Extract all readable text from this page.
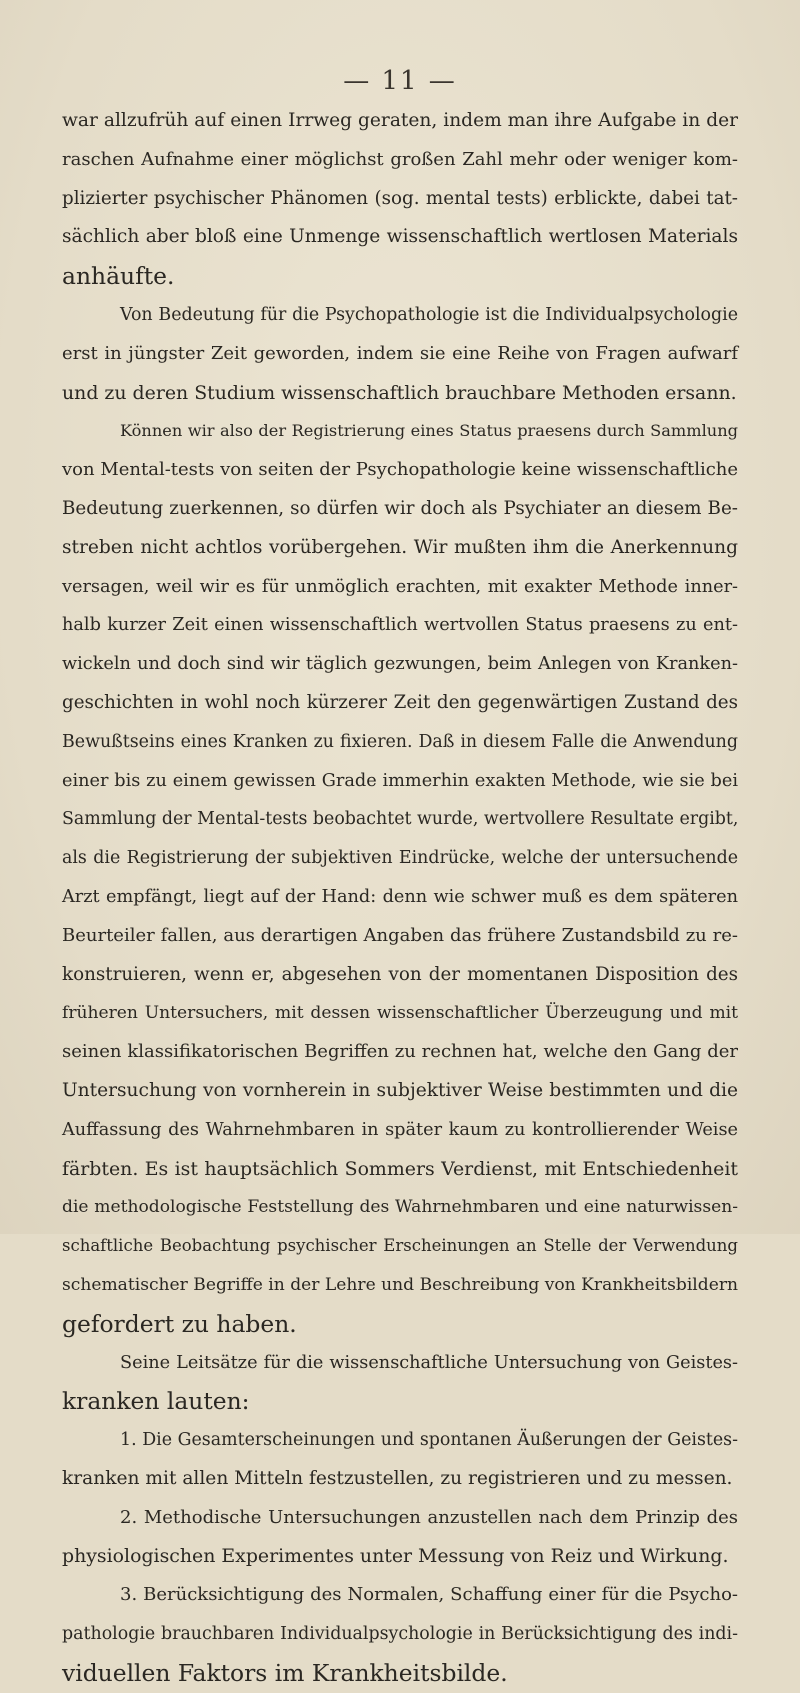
— 11 —
war allzufrüh auf einen Irrweg geraten, indem man ihre Aufgabe in der
raschen Aufnahme einer möglichst großen Zahl mehr oder weniger kom-
plizierter psychischer Phänomen (sog. mental tests) erblickte, dabei tat-
sächlich aber bloß eine Unmenge wissenschaftlich wertlosen Materials
anhäufte.
Von Bedeutung für die Psychopathologie ist die Individualpsychologie
erst in jüngster Zeit geworden, indem sie eine Reihe von Fragen aufwarf
und zu deren Studium wissenschaftlich brauchbare Methoden ersann.
Können wir also der Registrierung eines Status praesens durch Sammlung
von Mental-tests von seiten der Psychopathologie keine wissenschaftliche
Bedeutung zuerkennen, so dürfen wir doch als Psychiater an diesem Be-
streben nicht achtlos vorübergehen. Wir mußten ihm die Anerkennung
versagen, weil wir es für unmöglich erachten, mit exakter Methode inner-
halb kurzer Zeit einen wissenschaftlich wertvollen Status praesens zu ent-
wickeln und doch sind wir täglich gezwungen, beim Anlegen von Kranken-
geschichten in wohl noch kürzerer Zeit den gegenwärtigen Zustand des
Bewußtseins eines Kranken zu fixieren. Daß in diesem Falle die Anwendung
einer bis zu einem gewissen Grade immerhin exakten Methode, wie sie bei
Sammlung der Mental-tests beobachtet wurde, wertvollere Resultate ergibt,
als die Registrierung der subjektiven Eindrücke, welche der untersuchende
Arzt empfängt, liegt auf der Hand: denn wie schwer muß es dem späteren
Beurteiler fallen, aus derartigen Angaben das frühere Zustandsbild zu re-
konstruieren, wenn er, abgesehen von der momentanen Disposition des
früheren Untersuchers, mit dessen wissenschaftlicher Überzeugung und mit
seinen klassifikatorischen Begriffen zu rechnen hat, welche den Gang der
Untersuchung von vornherein in subjektiver Weise bestimmten und die
Auffassung des Wahrnehmbaren in später kaum zu kontrollierender Weise
färbten. Es ist hauptsächlich Sommers Verdienst, mit Entschiedenheit
die methodologische Feststellung des Wahrnehmbaren und eine naturwissen-
schaftliche Beobachtung psychischer Erscheinungen an Stelle der Verwendung
schematischer Begriffe in der Lehre und Beschreibung von Krankheitsbildern
gefordert zu haben.
Seine Leitsätze für die wissenschaftliche Untersuchung von Geistes-
kranken lauten:
1. Die Gesamterscheinungen und spontanen Äußerungen der Geistes-
kranken mit allen Mitteln festzustellen, zu registrieren und zu messen.
2. Methodische Untersuchungen anzustellen nach dem Prinzip des
physiologischen Experimentes unter Messung von Reiz und Wirkung.
3. Berücksichtigung des Normalen, Schaffung einer für die Psycho-
pathologie brauchbaren Individualpsychologie in Berücksichtigung des indi-
viduellen Faktors im Krankheitsbilde.
